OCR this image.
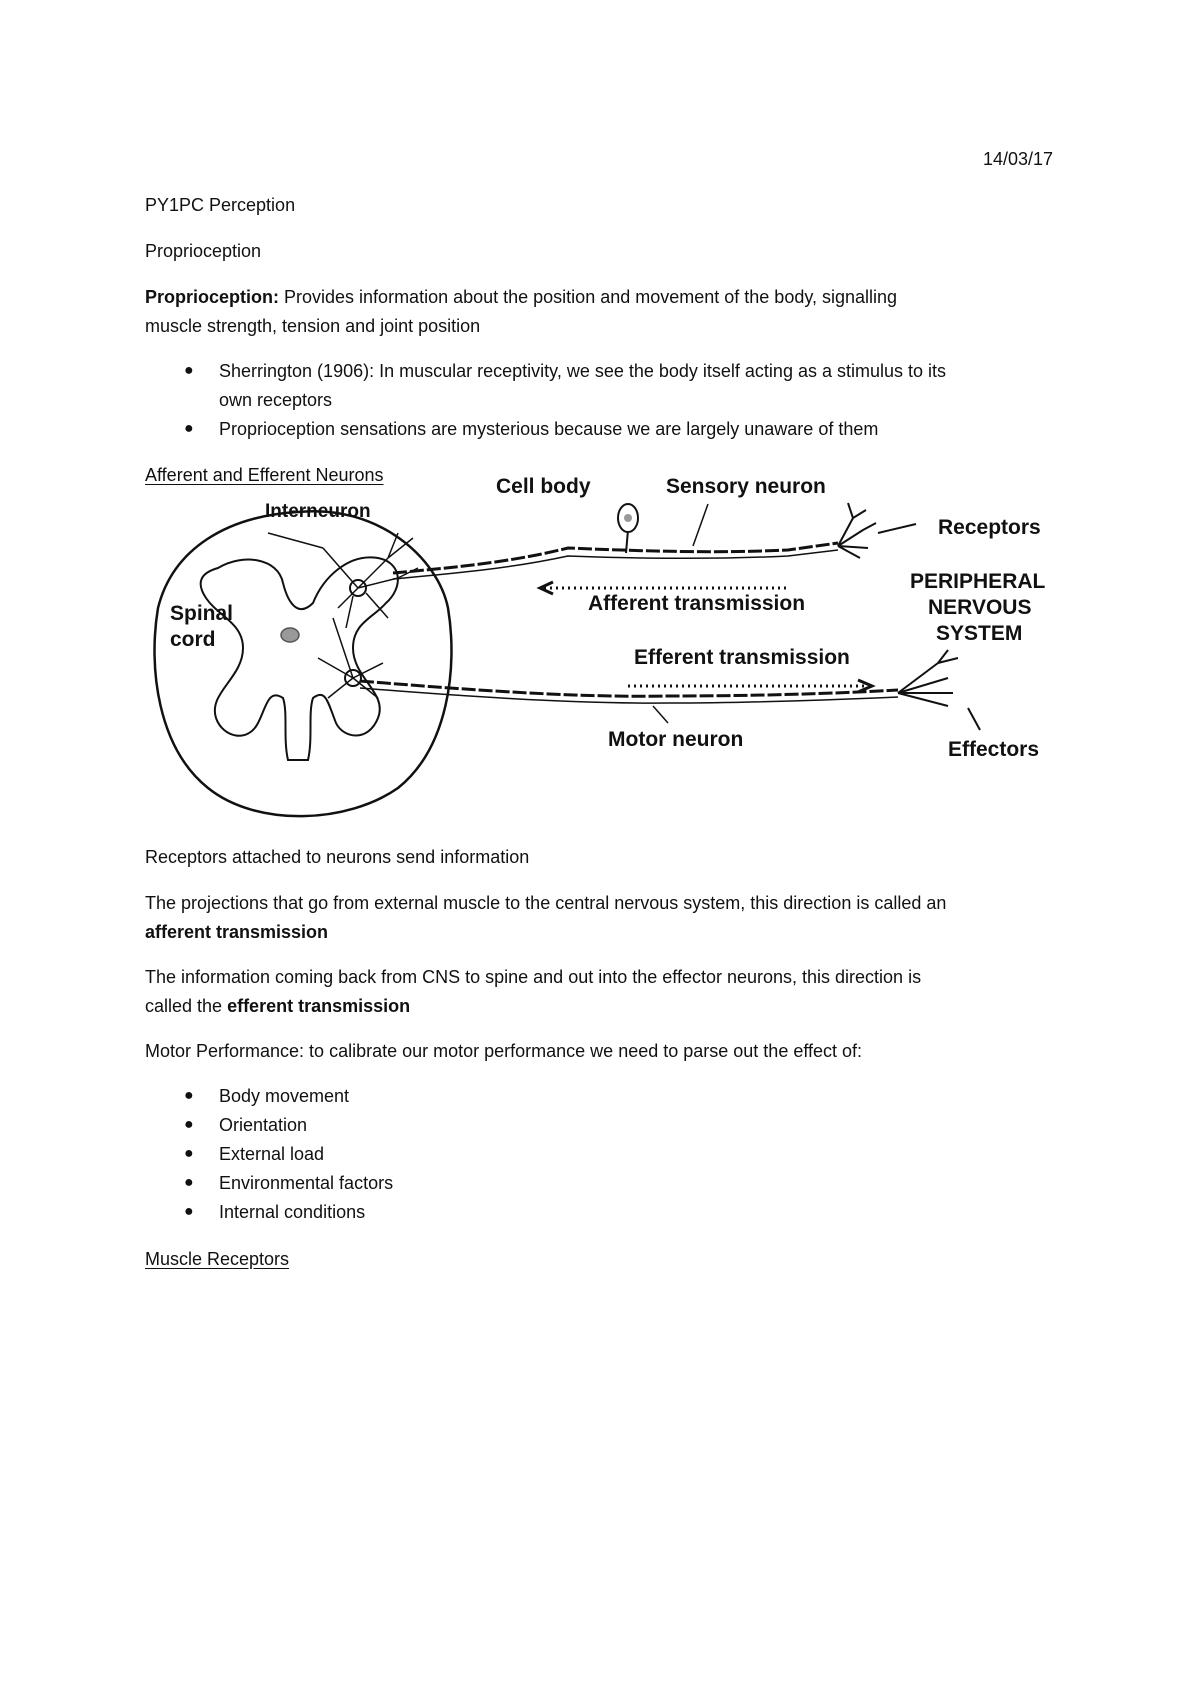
14/03/17

PY1PC Perception

Proprioception

Proprioception: Provides information about the position and movement of the body, signalling

muscle strength, tension and joint position

● Sherrington (1906): In muscular receptivity, we see the body itself acting as a stimulus to its

own receptors

● Proprioception sensations are mysterious because we are largely unaware of them

Afferent and Efferent Neurons	Cell body	Sensory neuron
Interneuron
Receptors
PERIPHERAL
NERVOUS
SYSTEM
Spinal
cord
Afferent transmission
Efferent transmission
Motor neuron	Effectors

Receptors attached to neurons send information

The projections that go from external muscle to the central nervous system, this direction is called an

afferent transmission

The information coming back from CNS to spine and out into the effector neurons, this direction is

called the efferent transmission

Motor Performance: to calibrate our motor performance we need to parse out the effect of:

● Body movement

● Orientation

● External load

● Environmental factors

● Internal conditions

Muscle Receptors
